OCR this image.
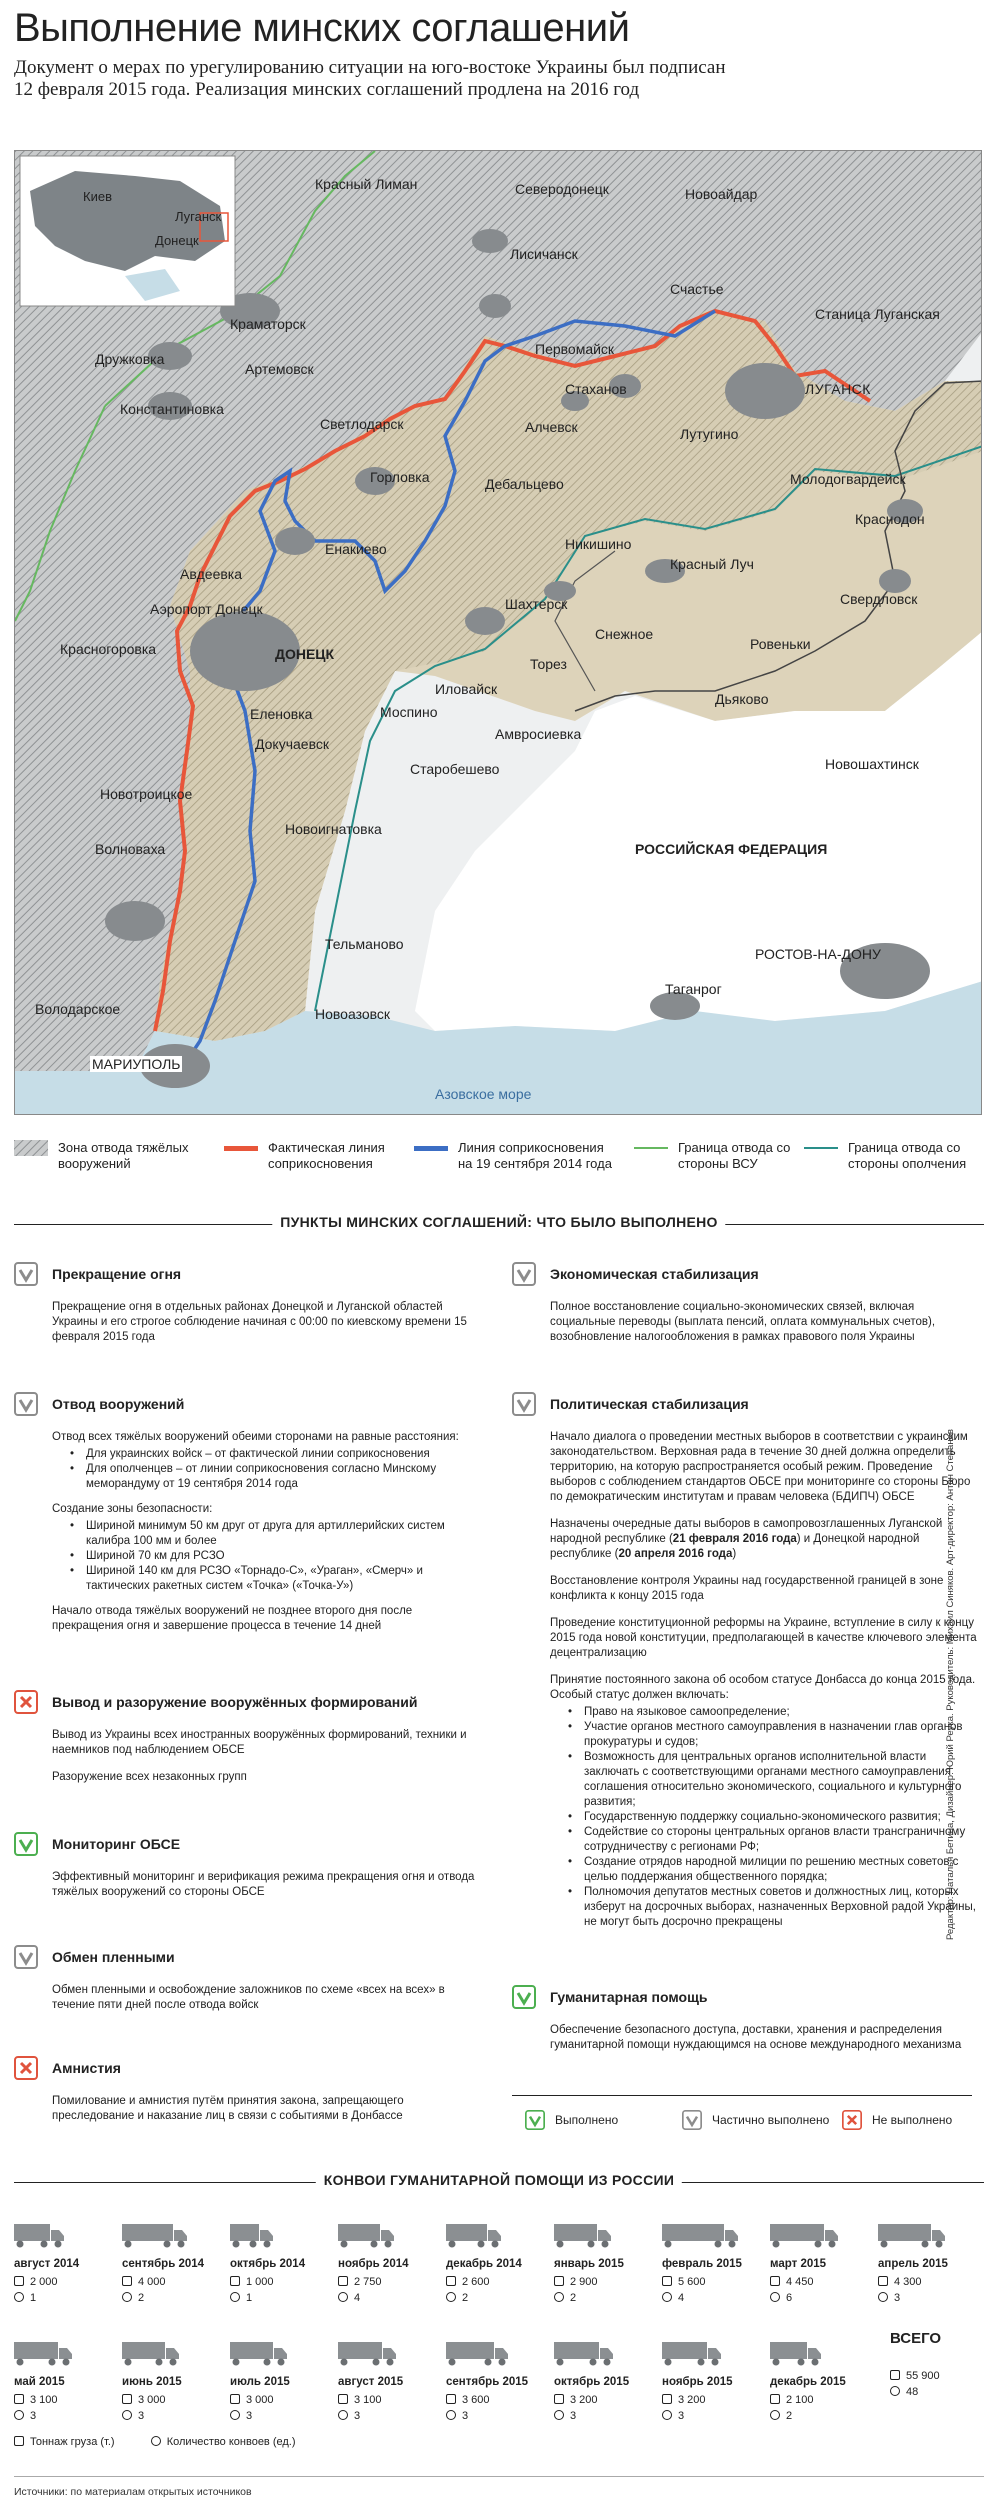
Выполнение минских соглашений

Документ о мерах по урегулированию ситуации на юго-востоке Украины был подписан
12 февраля 2015 года. Реализация минских соглашений продлена на 2016 год

Киев
Луганск
Донецк
Красный Лиман	Северодонецк	Новоайдар
Лисичанск
Счастье
Станица Луганская
Краматорск
Первомайск
Дружковка
Артемовск
Стаханов	ЛУГАНСК
Константиновка
Алчевск	Лутугино
Светлодарск
Горловка	Дебальцево	Молодогвардейск
Краснодон
Енакиево	Никишино
Красный Луч
Свердловск
Авдеевка
Аэропорт Донецк	Шахтерск
Снежное
Ровеньки
Красногоровка	ДОНЕЦК
Торез
Иловайск
Дьяково
Еленовка	Моспино
Амвросиевка
Докучаевск
Старобешево	Новошахтинск
Новотроицкое
Новоигнатовка
РОССИЙСКАЯ ФЕДЕРАЦИЯ
Волноваха
Тельманово
РОСТОВ-НА-ДОНУ
Володарское	Новоазовск
Таганрог
МАРИУПОЛЬ
Азовское море
Зона отвода тяжёлых вооружений
Фактическая линия соприкосновения
Линия соприкосновения на 19 сентября 2014 года
Граница отвода со стороны ВСУ
Граница отвода со стороны ополчения
ПУНКТЫ МИНСКИХ СОГЛАШЕНИЙ: ЧТО БЫЛО ВЫПОЛНЕНО
Прекращение огня

Прекращение огня в отдельных районах Донецкой и Луганской областей Украины и его строгое соблюдение начиная с 00:00 по киевскому времени 15 февраля 2015 года

Отвод вооружений

Отвод всех тяжёлых вооружений обеими сторонами на равные расстояния:

• Для украинских войск – от фактической линии соприкосновения
• Для ополченцев – от линии соприкосновения согласно Минскому меморандуму от 19 сентября 2014 года

Создание зоны безопасности:

• Шириной минимум 50 км друг от друга для артиллерийских систем калибра 100 мм и более
• Шириной 70 км для РСЗО
• Шириной 140 км для РСЗО «Торнадо-С», «Ураган», «Смерч» и тактических ракетных систем «Точка» («Точка-У»)

Начало отвода тяжёлых вооружений не позднее второго дня после прекращения огня и завершение процесса в течение 14 дней

Вывод и разоружение вооружённых формирований

Вывод из Украины всех иностранных вооружённых формирований, техники и наемников под наблюдением ОБСЕ

Разоружение всех незаконных групп

Мониторинг ОБСЕ

Эффективный мониторинг и верификация режима прекращения огня и отвода тяжёлых вооружений со стороны ОБСЕ

Обмен пленными

Обмен пленными и освобождение заложников по схеме «всех на всех» в течение пяти дней после отвода войск

Амнистия

Помилование и амнистия путём принятия закона, запрещающего преследование и наказание лиц в связи с событиями в Донбассе

Экономическая стабилизация

Полное восстановление социально-экономических связей, включая социальные переводы (выплата пенсий, оплата коммунальных счетов), возобновление налогообложения в рамках правового поля Украины

Политическая стабилизация

Начало диалога о проведении местных выборов в соответствии с украинским законодательством. Верховная рада в течение 30 дней должна определить территорию, на которую распространяется особый режим. Проведение выборов с соблюдением стандартов ОБСЕ при мониторинге со стороны Бюро по демократическим институтам и правам человека (БДИПЧ) ОБСЕ

Назначены очередные даты выборов в самопровозглашенных Луганской народной республике (21 февраля 2016 года) и Донецкой народной республике (20 апреля 2016 года)

Восстановление контроля Украины над государственной границей в зоне конфликта к концу 2015 года

Проведение конституционной реформы на Украине, вступление в силу к концу 2015 года новой конституции, предполагающей в качестве ключевого элемента децентрализацию

Принятие постоянного закона об особом статусе Донбасса до конца 2015 года. Особый статус должен включать:

• Право на языковое самоопределение;
• Участие органов местного самоуправления в назначении глав органов прокуратуры и судов;
• Возможность для центральных органов исполнительной власти заключать с соответствующими органами местного самоуправления соглашения относительно экономического, социального и культурного развития;
• Государственную поддержку социально-экономического развития;
• Содействие со стороны центральных органов власти трансграничному сотрудничеству с регионами РФ;
• Создание отрядов народной милиции по решению местных советов с целью поддержания общественного порядка;
• Полномочия депутатов местных советов и должностных лиц, которых изберут на досрочных выборах, назначенных Верховной радой Украины, не могут быть досрочно прекращены
Гуманитарная помощь

Обеспечение безопасного доступа, доставки, хранения и распределения гуманитарной помощи нуждающимся на основе международного механизма

Выполнено	Частично выполнено	Не выполнено
КОНВОИ ГУМАНИТАРНОЙ ПОМОЩИ ИЗ РОССИИ
август 2014
2 000
1
сентябрь 2014
4 000
2
октябрь 2014
1 000
1
ноябрь 2014
2 750
4
декабрь 2014
2 600
2
январь 2015
2 900
2
февраль 2015
5 600
4
март 2015
4 450
6
апрель 2015
4 300
3
май 2015
3 100
3
июнь 2015
3 000
3
июль 2015
3 000
3
август 2015
3 100
3
сентябрь 2015
3 600
3
октябрь 2015
3 200
3
ноябрь 2015
3 200
3
декабрь 2015
2 100
2
ВСЕГО
55 900
48
Тоннаж груза (т.)	Количество конвоев (ед.)
Источники: по материалам открытых источников
Редактор: Наталья Бетина, Дизайнер: Юрий Реука. Руководитель: Михаил Синяков. Арт-директор: Антон Степанов
